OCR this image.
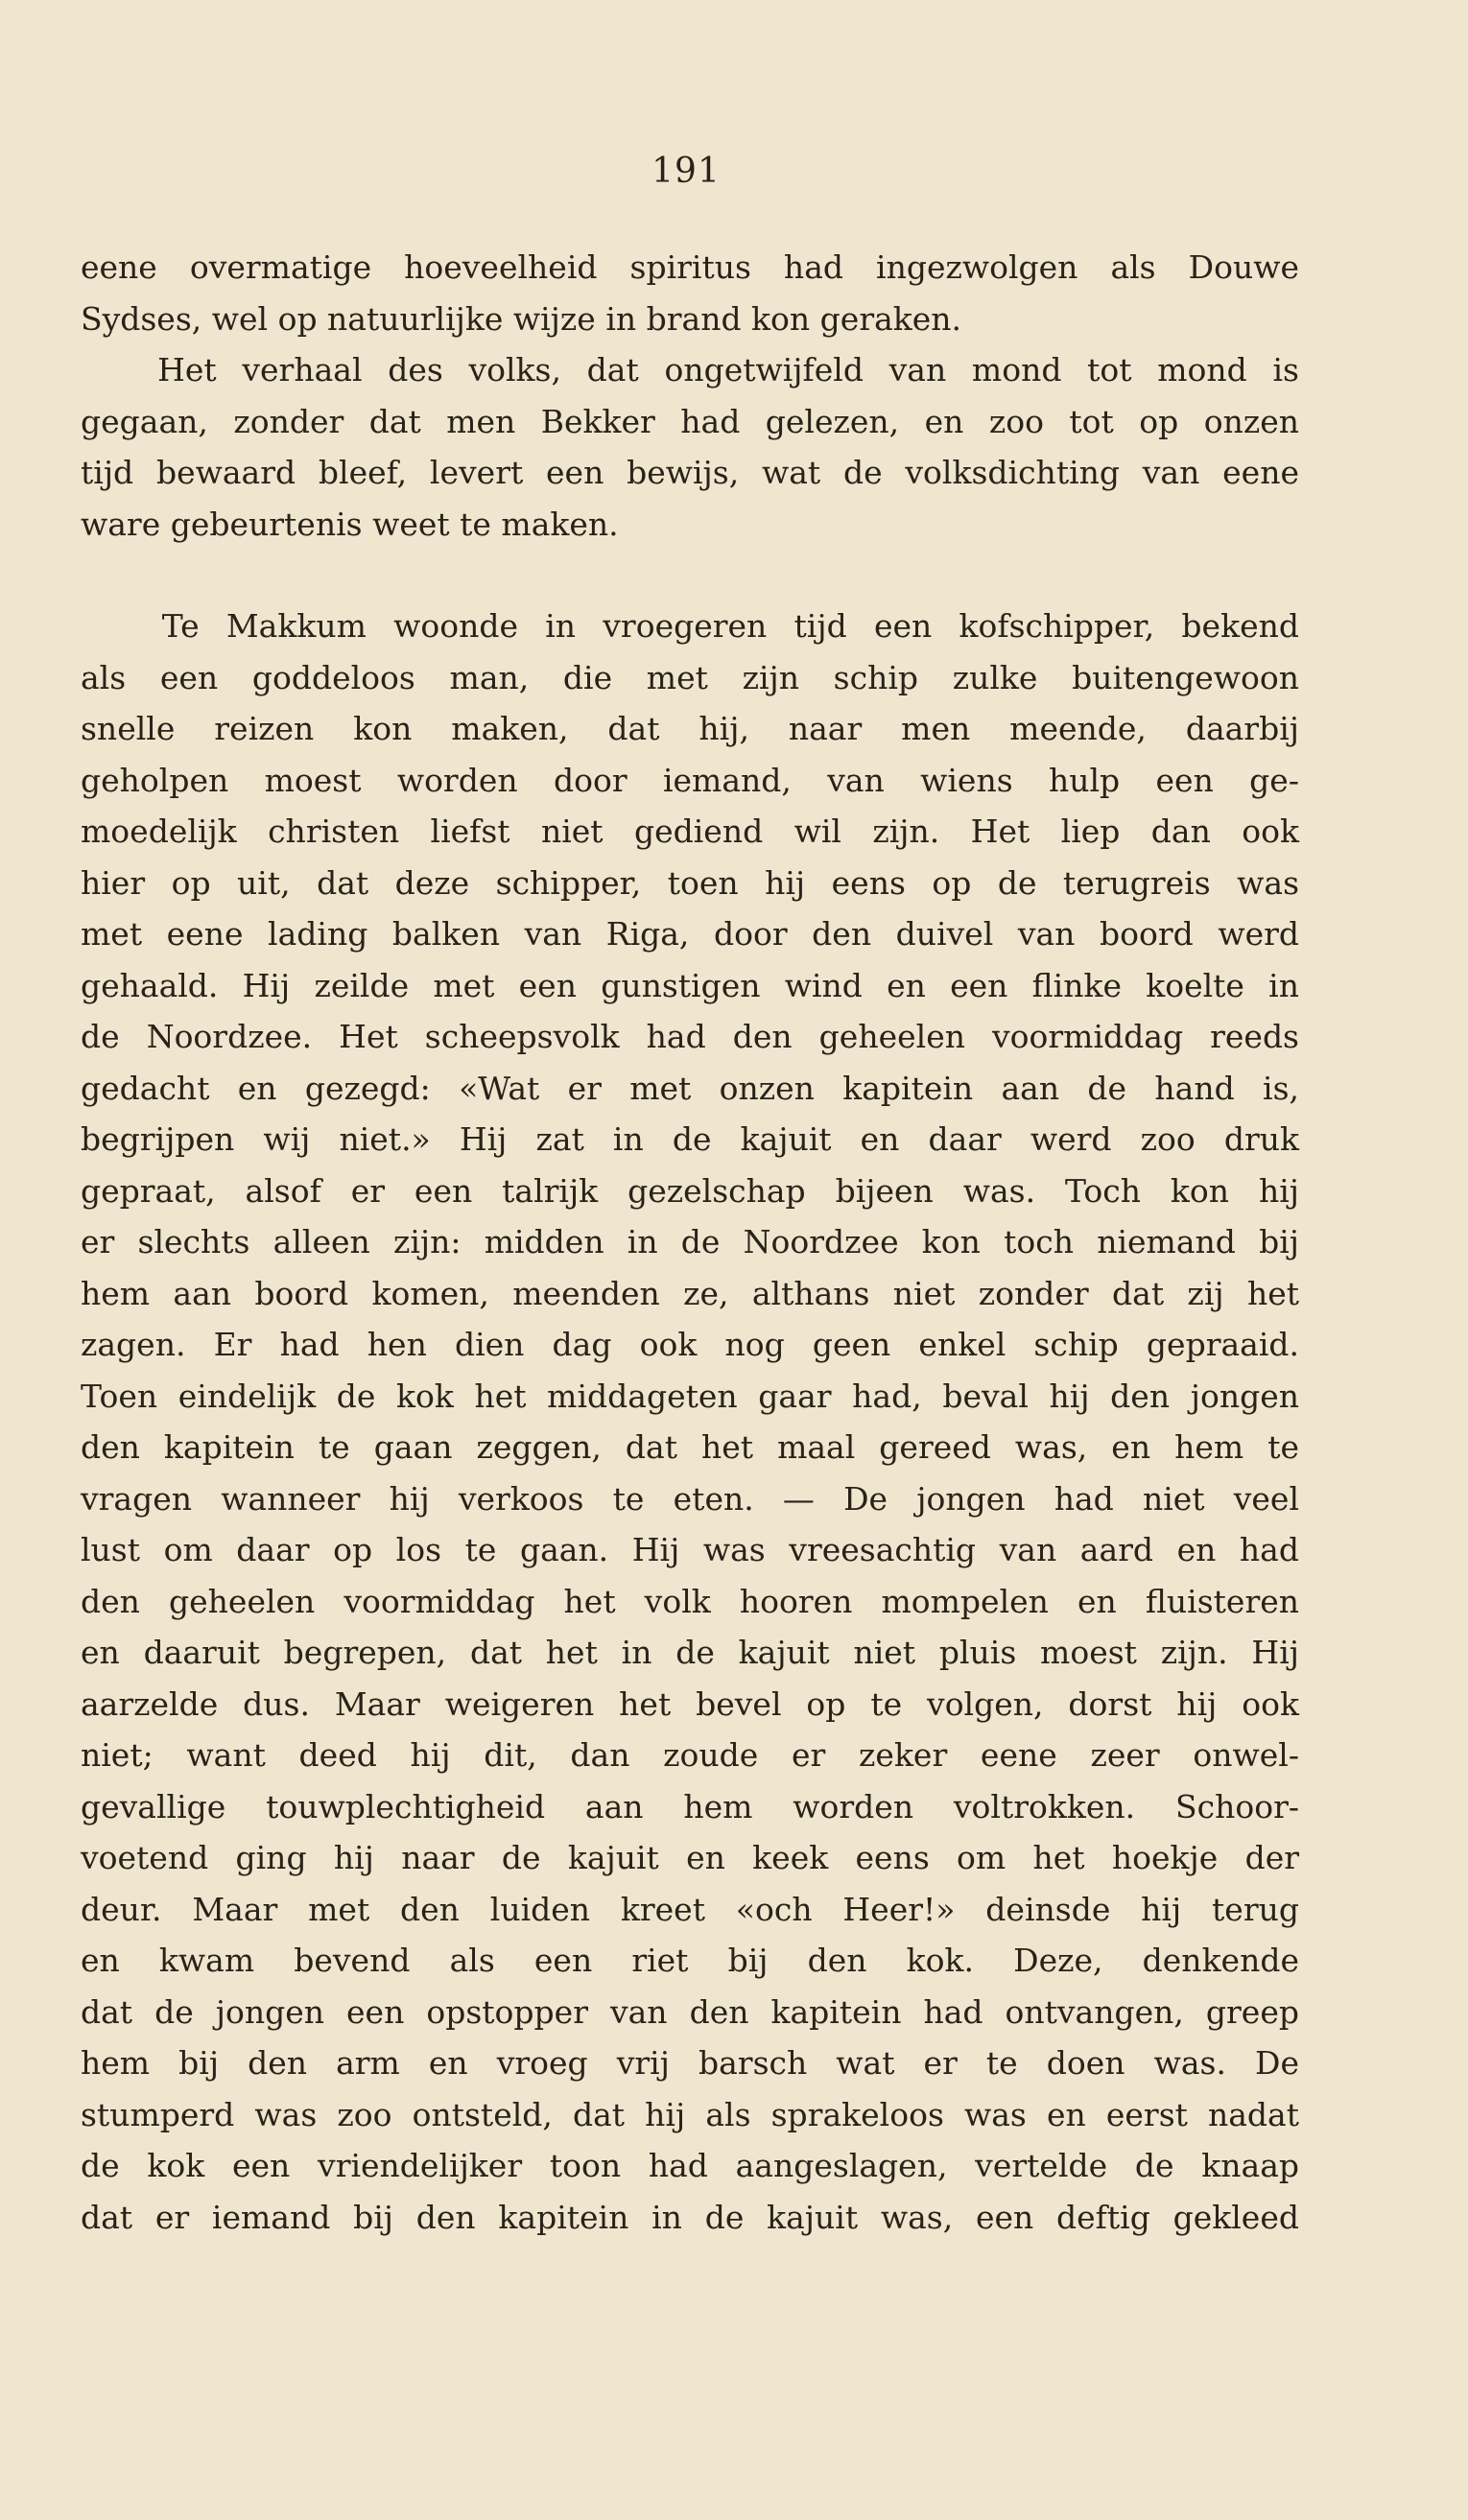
191
eene overmatige hoeveelheid spiritus had ingezwolgen als Douwe
Sydses, wel op natuurlijke wijze in brand kon geraken.
Het verhaal des volks, dat ongetwijfeld van mond tot mond is
gegaan, zonder dat men Bekker had gelezen, en zoo tot op onzen
tijd bewaard bleef, levert een bewijs, wat de volksdichting van eene
ware gebeurtenis weet te maken.
Te Makkum woonde in vroegeren tijd een kofschipper, bekend
als een goddeloos man, die met zijn schip zulke buitengewoon
snelle reizen kon maken, dat hij, naar men meende, daarbij
geholpen moest worden door iemand, van wiens hulp een ge-
moedelijk christen liefst niet gediend wil zijn. Het liep dan ook
hier op uit, dat deze schipper, toen hij eens op de terugreis was
met eene lading balken van Riga, door den duivel van boord werd
gehaald. Hij zeilde met een gunstigen wind en een flinke koelte in
de Noordzee. Het scheepsvolk had den geheelen voormiddag reeds
gedacht en gezegd: «Wat er met onzen kapitein aan de hand is,
begrijpen wij niet.» Hij zat in de kajuit en daar werd zoo druk
gepraat, alsof er een talrijk gezelschap bijeen was. Toch kon hij
er slechts alleen zijn: midden in de Noordzee kon toch niemand bij
hem aan boord komen, meenden ze, althans niet zonder dat zij het
zagen. Er had hen dien dag ook nog geen enkel schip gepraaid.
Toen eindelijk de kok het middageten gaar had, beval hij den jongen
den kapitein te gaan zeggen, dat het maal gereed was, en hem te
vragen wanneer hij verkoos te eten. — De jongen had niet veel
lust om daar op los te gaan. Hij was vreesachtig van aard en had
den geheelen voormiddag het volk hooren mompelen en fluisteren
en daaruit begrepen, dat het in de kajuit niet pluis moest zijn. Hij
aarzelde dus. Maar weigeren het bevel op te volgen, dorst hij ook
niet; want deed hij dit, dan zoude er zeker eene zeer onwel-
gevallige touwplechtigheid aan hem worden voltrokken. Schoor-
voetend ging hij naar de kajuit en keek eens om het hoekje der
deur. Maar met den luiden kreet «och Heer!» deinsde hij terug
en kwam bevend als een riet bij den kok. Deze, denkende
dat de jongen een opstopper van den kapitein had ontvangen, greep
hem bij den arm en vroeg vrij barsch wat er te doen was. De
stumperd was zoo ontsteld, dat hij als sprakeloos was en eerst nadat
de kok een vriendelijker toon had aangeslagen, vertelde de knaap
dat er iemand bij den kapitein in de kajuit was, een deftig gekleed
